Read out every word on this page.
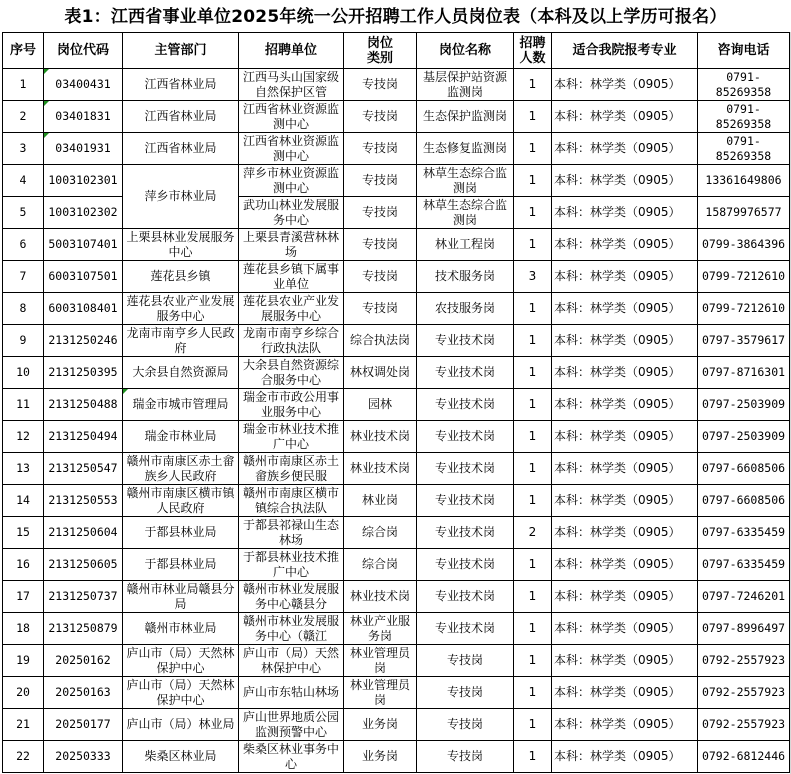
表1：江西省事业单位2025年统一公开招聘工作人员岗位表（本科及以上学历可报名）
序号	岗位代码	主管部门	招聘单位	岗位类别	岗位名称	招聘人数	适合我院报考专业	咨询电话

1	03400431	江西省林业局	江西马头山国家级自然保护区管	专技岗	基层保护站资源监测岗	1	本科：林学类（0905）	0791-85269358

2	03401831	江西省林业局	江西省林业资源监测中心	专技岗	生态保护监测岗	1	本科：林学类（0905）	0791-85269358

3	03401931	江西省林业局	江西省林业资源监测中心	专技岗	生态修复监测岗	1	本科：林学类（0905）	0791-85269358

4	1003102301	萍乡市林业局	萍乡市林业资源监测中心	专技岗	林草生态综合监测岗	1	本科：林学类（0905）	13361649806

5	1003102302		武功山林业发展服务中心	专技岗	林草生态综合监测岗	1	本科：林学类（0905）	15879976577

6	5003107401	上栗县林业发展服务中心	上栗县青溪营林林场	专技岗	林业工程岗	1	本科：林学类（0905）	0799-3864396

7	6003107501	莲花县乡镇	莲花县乡镇下属事业单位	专技岗	技术服务岗	3	本科：林学类（0905）	0799-7212610

8	6003108401	莲花县农业产业发展服务中心	莲花县农业产业发展服务中心	专技岗	农技服务岗	1	本科：林学类（0905）	0799-7212610

9	2131250246	龙南市南亨乡人民政府	龙南市南亨乡综合行政执法队	综合执法岗	专业技术岗	1	本科：林学类（0905）	0797-3579617

10	2131250395	大余县自然资源局	大余县自然资源综合服务中心	林权调处岗	专业技术岗	1	本科：林学类（0905）	0797-8716301

11	2131250488	瑞金市城市管理局	瑞金市市政公用事业服务中心	园林	专业技术岗	1	本科：林学类（0905）	0797-2503909

12	2131250494	瑞金市林业局	瑞金市林业技术推广中心	林业技术岗	专业技术岗	1	本科：林学类（0905）	0797-2503909

13	2131250547	赣州市南康区赤土畲族乡人民政府	赣州市南康区赤土畲族乡便民服	林业技术岗	专业技术岗	1	本科：林学类（0905）	0797-6608506

14	2131250553	赣州市南康区横市镇人民政府	赣州市南康区横市镇综合执法队	林业岗	专业技术岗	1	本科：林学类（0905）	0797-6608506

15	2131250604	于都县林业局	于都县祁禄山生态林场	综合岗	专业技术岗	2	本科：林学类（0905）	0797-6335459

16	2131250605	于都县林业局	于都县林业技术推广中心	综合岗	专业技术岗	1	本科：林学类（0905）	0797-6335459

17	2131250737	赣州市林业局赣县分局	赣州市林业发展服务中心赣县分	林业技术岗	专业技术岗	1	本科：林学类（0905）	0797-7246201

18	2131250879	赣州市林业局	赣州市林业发展服务中心（赣江	林业产业服务岗	专业技术岗	1	本科：林学类（0905）	0797-8996497

19	20250162	庐山市（局）天然林保护中心	庐山市（局）天然林保护中心	林业管理员岗	专技岗	1	本科：林学类（0905）	0792-2557923

20	20250163	庐山市（局）天然林保护中心	庐山市东牯山林场	林业管理员岗	专技岗	1	本科：林学类（0905）	0792-2557923

21	20250177	庐山市（局）林业局	庐山世界地质公园监测预警中心	业务岗	专技岗	1	本科：林学类（0905）	0792-2557923

22	20250333	柴桑区林业局	柴桑区林业事务中心	业务岗	专技岗	1	本科：林学类（0905）	0792-6812446
